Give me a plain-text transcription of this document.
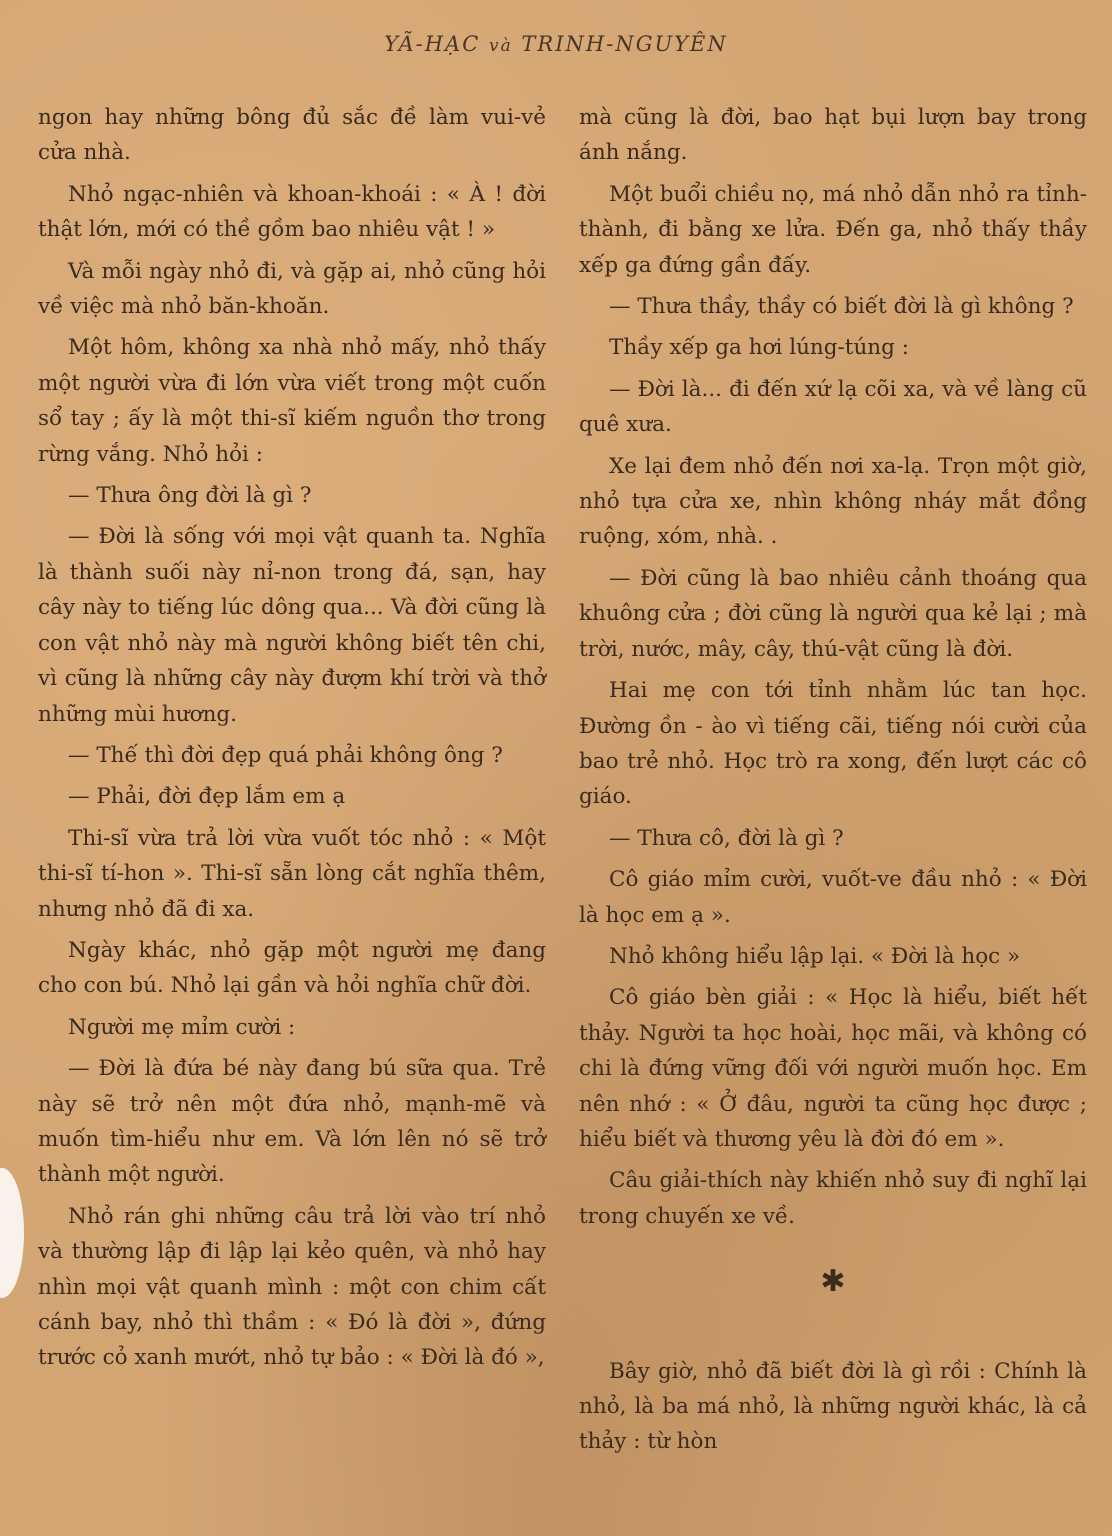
YÃ-HẠC và TRINH-NGUYÊN

ngon hay những bông đủ sắc đề làm vui-vẻ cửa nhà.

Nhỏ ngạc-nhiên và khoan-khoái : « À ! đời thật lớn, mới có thề gồm bao nhiêu vật ! »

Và mỗi ngày nhỏ đi, và gặp ai, nhỏ cũng hỏi về việc mà nhỏ băn-khoăn.

Một hôm, không xa nhà nhỏ mấy, nhỏ thấy một người vừa đi lớn vừa viết trong một cuốn sổ tay ; ấy là một thi-sĩ kiếm nguồn thơ trong rừng vắng. Nhỏ hỏi :

— Thưa ông đời là gì ?

— Đời là sống với mọi vật quanh ta. Nghĩa là thành suối này nỉ-non trong đá, sạn, hay cây này to tiếng lúc dông qua... Và đời cũng là con vật nhỏ này mà người không biết tên chi, vì cũng là những cây này đượm khí trời và thở những mùi hương.

— Thế thì đời đẹp quá phải không ông ?

— Phải, đời đẹp lắm em ạ

Thi-sĩ vừa trả lời vừa vuốt tóc nhỏ : « Một thi-sĩ tí-hon ». Thi-sĩ sẵn lòng cắt nghĩa thêm, nhưng nhỏ đã đi xa.

Ngày khác, nhỏ gặp một người mẹ đang cho con bú. Nhỏ lại gần và hỏi nghĩa chữ đời.

Người mẹ mỉm cười :

— Đời là đứa bé này đang bú sữa qua. Trẻ này sẽ trở nên một đứa nhỏ, mạnh-mẽ và muốn tìm-hiểu như em. Và lớn lên nó sẽ trở thành một người.

Nhỏ rán ghi những câu trả lời vào trí nhỏ và thường lập đi lập lại kẻo quên, và nhỏ hay nhìn mọi vật quanh mình : một con chim cất cánh bay, nhỏ thì thầm : « Đó là đời », đứng trước cỏ xanh mướt, nhỏ tự bảo : « Đời là đó »,

mà cũng là đời, bao hạt bụi lượn bay trong ánh nắng.

Một buổi chiều nọ, má nhỏ dẫn nhỏ ra tỉnh-thành, đi bằng xe lửa. Đến ga, nhỏ thấy thầy xếp ga đứng gần đấy.

— Thưa thầy, thầy có biết đời là gì không ?

Thầy xếp ga hơi lúng-túng :

— Đời là... đi đến xứ lạ cõi xa, và về làng cũ quê xưa.

Xe lại đem nhỏ đến nơi xa-lạ. Trọn một giờ, nhỏ tựa cửa xe, nhìn không nháy mắt đồng ruộng, xóm, nhà. .

— Đời cũng là bao nhiêu cảnh thoáng qua khuông cửa ; đời cũng là người qua kẻ lại ; mà trời, nước, mây, cây, thú-vật cũng là đời.

Hai mẹ con tới tỉnh nhằm lúc tan học. Đường ồn - ào vì tiếng cãi, tiếng nói cười của bao trẻ nhỏ. Học trò ra xong, đến lượt các cô giáo.

— Thưa cô, đời là gì ?

Cô giáo mỉm cười, vuốt-ve đầu nhỏ : « Đời là học em ạ ».

Nhỏ không hiểu lập lại. « Đời là học »

Cô giáo bèn giải : « Học là hiểu, biết hết thảy. Người ta học hoài, học mãi, và không có chi là đứng vững đối với người muốn học. Em nên nhớ : « Ở đâu, người ta cũng học được ; hiểu biết và thương yêu là đời đó em ».

Câu giải-thích này khiến nhỏ suy đi nghĩ lại trong chuyến xe về.

✱

Bây giờ, nhỏ đã biết đời là gì rồi : Chính là nhỏ, là ba má nhỏ, là những người khác, là cả thảy : từ hòn
